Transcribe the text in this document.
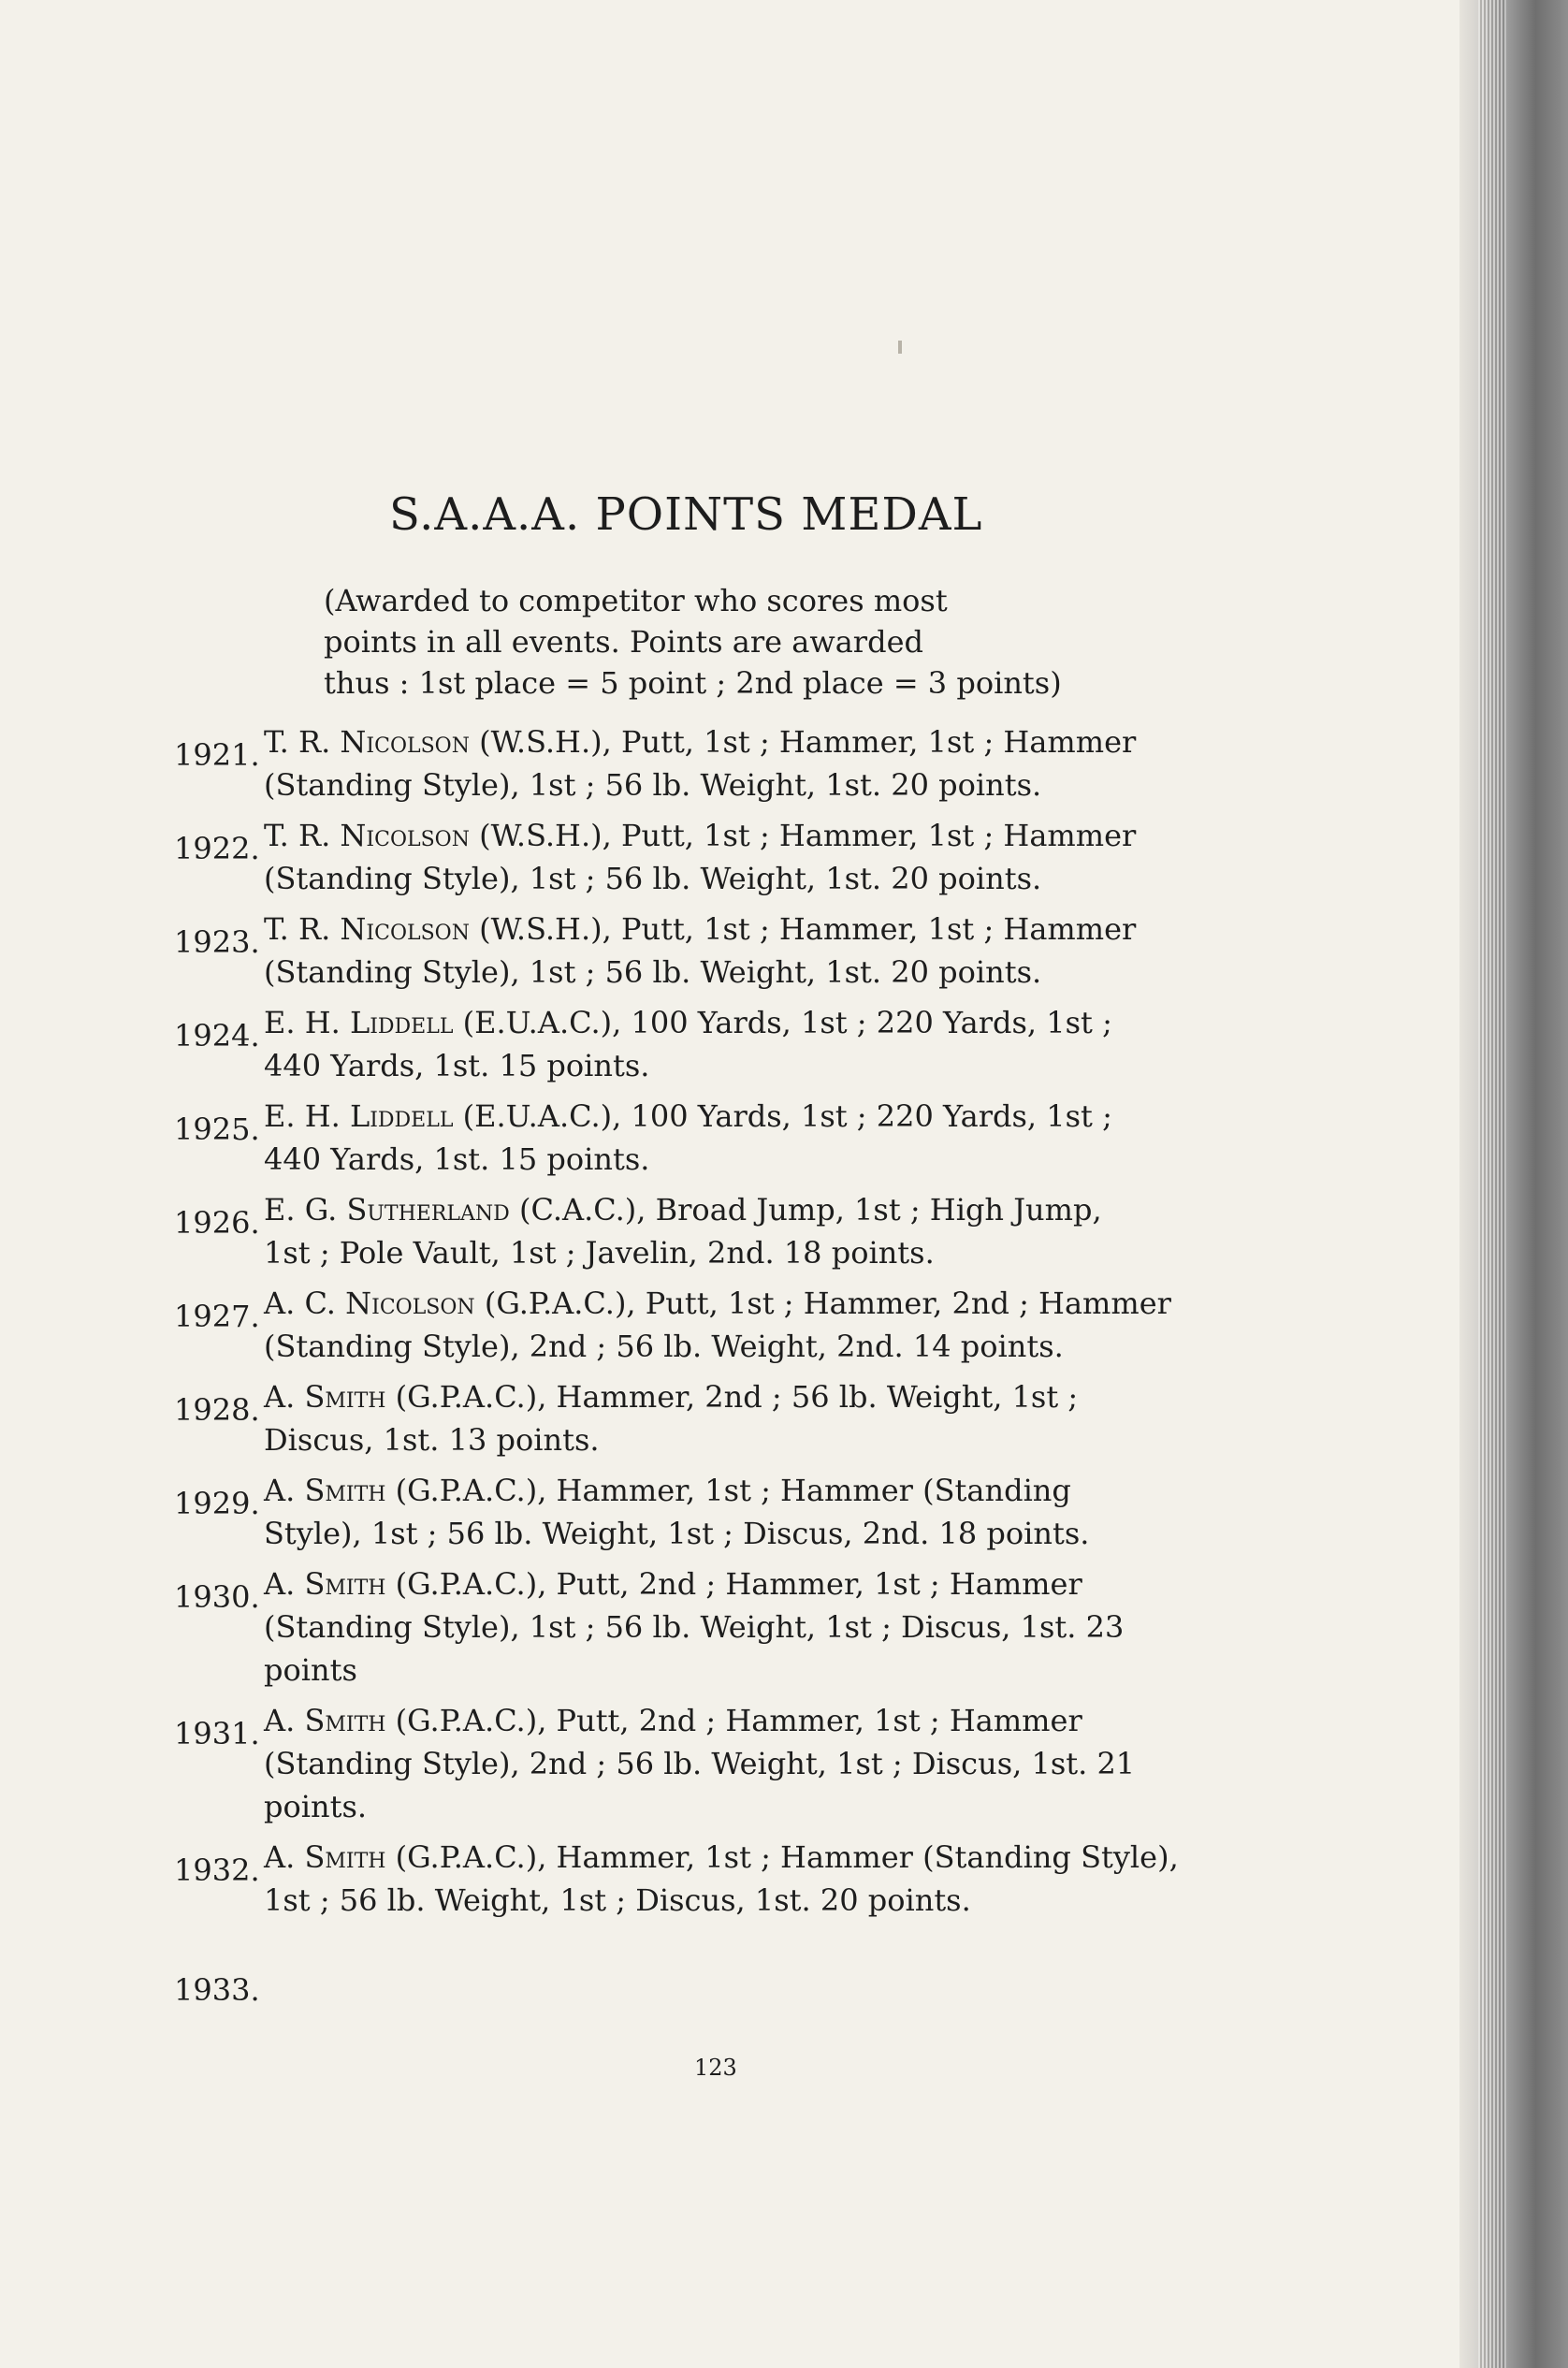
S.A.A.A. POINTS MEDAL
(Awarded to competitor who scores most
points in all events. Points are awarded
thus : 1st place = 5 point ; 2nd place = 3 points)
1921. T. R. Nicolson (W.S.H.), Putt, 1st ; Hammer, 1st ; Hammer
(Standing Style), 1st ; 56 lb. Weight, 1st. 20 points.
1922. T. R. Nicolson (W.S.H.), Putt, 1st ; Hammer, 1st ; Hammer
(Standing Style), 1st ; 56 lb. Weight, 1st. 20 points.
1923. T. R. Nicolson (W.S.H.), Putt, 1st ; Hammer, 1st ; Hammer
(Standing Style), 1st ; 56 lb. Weight, 1st. 20 points.
1924. E. H. Liddell (E.U.A.C.), 100 Yards, 1st ; 220 Yards, 1st ;
440 Yards, 1st. 15 points.
1925. E. H. Liddell (E.U.A.C.), 100 Yards, 1st ; 220 Yards, 1st ;
440 Yards, 1st. 15 points.
1926. E. G. Sutherland (C.A.C.), Broad Jump, 1st ; High Jump,
1st ; Pole Vault, 1st ; Javelin, 2nd. 18 points.
1927. A. C. Nicolson (G.P.A.C.), Putt, 1st ; Hammer, 2nd ; Hammer
(Standing Style), 2nd ; 56 lb. Weight, 2nd. 14 points.
1928. A. Smith (G.P.A.C.), Hammer, 2nd ; 56 lb. Weight, 1st ;
Discus, 1st. 13 points.
1929. A. Smith (G.P.A.C.), Hammer, 1st ; Hammer (Standing
Style), 1st ; 56 lb. Weight, 1st ; Discus, 2nd. 18 points.
1930. A. Smith (G.P.A.C.), Putt, 2nd ; Hammer, 1st ; Hammer
(Standing Style), 1st ; 56 lb. Weight, 1st ; Discus, 1st. 23
points
1931. A. Smith (G.P.A.C.), Putt, 2nd ; Hammer, 1st ; Hammer
(Standing Style), 2nd ; 56 lb. Weight, 1st ; Discus, 1st. 21
points.
1932. A. Smith (G.P.A.C.), Hammer, 1st ; Hammer (Standing Style),
1st ; 56 lb. Weight, 1st ; Discus, 1st. 20 points.
1933.

123
